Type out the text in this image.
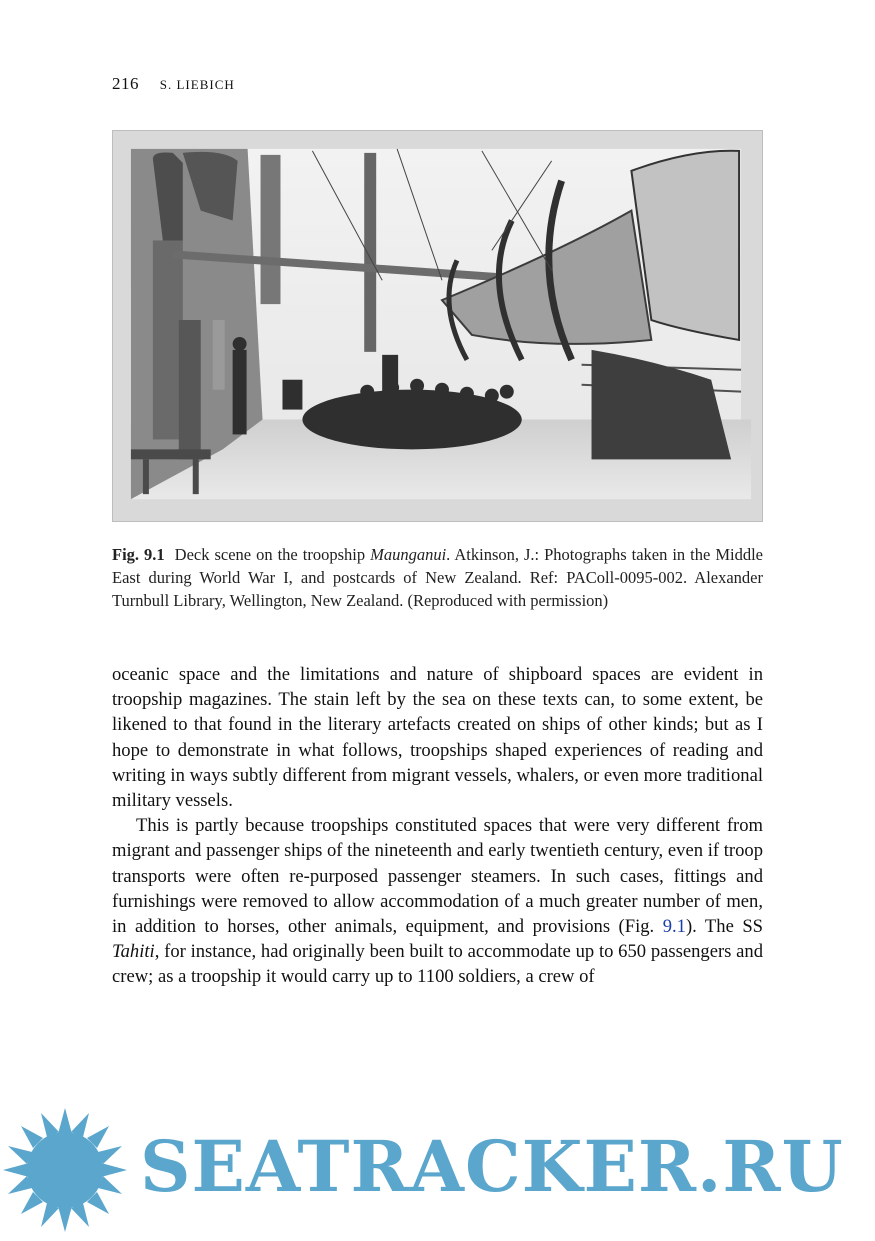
216 S. LIEBICH
Fig. 9.1 Deck scene on the troopship Maunganui. Atkinson, J.: Photographs taken in the Middle East during World War I, and postcards of New Zealand. Ref: PAColl-0095-002. Alexander Turnbull Library, Wellington, New Zealand. (Reproduced with permission)

oceanic space and the limitations and nature of shipboard spaces are evident in troopship magazines. The stain left by the sea on these texts can, to some extent, be likened to that found in the literary artefacts created on ships of other kinds; but as I hope to demonstrate in what follows, troopships shaped experiences of reading and writing in ways subtly different from migrant vessels, whalers, or even more traditional military vessels.

This is partly because troopships constituted spaces that were very different from migrant and passenger ships of the nineteenth and early twentieth century, even if troop transports were often re-purposed passenger steamers. In such cases, fittings and furnishings were removed to allow accommodation of a much greater number of men, in addition to horses, other animals, equipment, and provisions (Fig. 9.1). The SS Tahiti, for instance, had originally been built to accommodate up to 650 passengers and crew; as a troopship it would carry up to 1100 soldiers, a crew of

SEATRACKER.RU
